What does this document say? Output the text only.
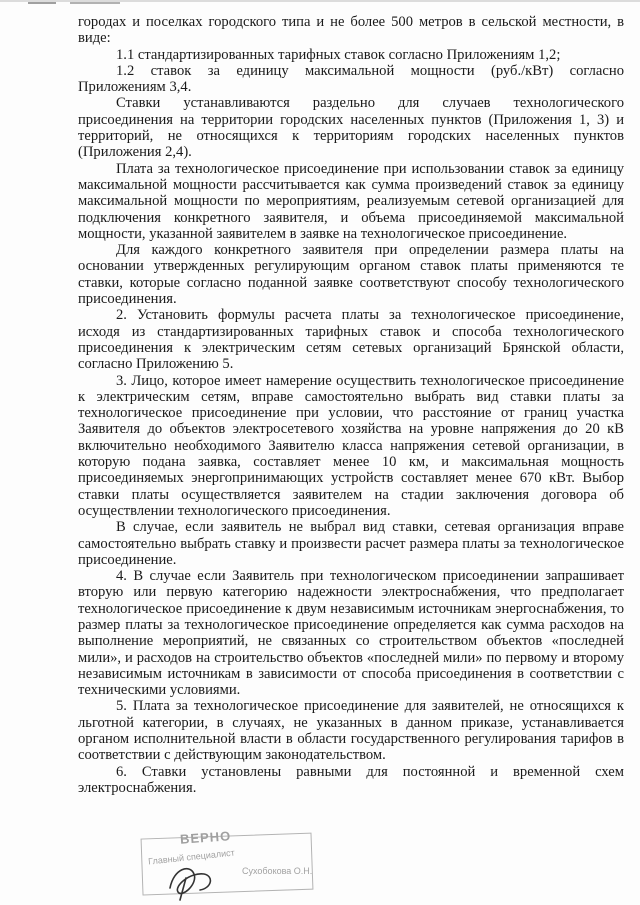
городах и поселках городского типа и не более 500 метров в сельской местности, в виде:

1.1 стандартизированных тарифных ставок согласно Приложениям 1,2;

1.2 ставок за единицу максимальной мощности (руб./кВт) согласно Приложениям 3,4.

Ставки устанавливаются раздельно для случаев технологического присоединения на территории городских населенных пунктов (Приложения 1, 3) и территорий, не относящихся к территориям городских населенных пунктов (Приложения 2,4).

Плата за технологическое присоединение при использовании ставок за единицу максимальной мощности рассчитывается как сумма произведений ставок за единицу максимальной мощности по мероприятиям, реализуемым сетевой организацией для подключения конкретного заявителя, и объема присоединяемой максимальной мощности, указанной заявителем в заявке на технологическое присоединение.

Для каждого конкретного заявителя при определении размера платы на основании утвержденных регулирующим органом ставок платы применяются те ставки, которые согласно поданной заявке соответствуют способу технологического присоединения.

2. Установить формулы расчета платы за технологическое присоединение, исходя из стандартизированных тарифных ставок и способа технологического присоединения к электрическим сетям сетевых организаций Брянской области, согласно Приложению 5.

3. Лицо, которое имеет намерение осуществить технологическое присоединение к электрическим сетям, вправе самостоятельно выбрать вид ставки платы за технологическое присоединение при условии, что расстояние от границ участка Заявителя до объектов электросетевого хозяйства на уровне напряжения до 20 кВ включительно необходимого Заявителю класса напряжения сетевой организации, в которую подана заявка, составляет менее 10 км, и максимальная мощность присоединяемых энергопринимающих устройств составляет менее 670 кВт. Выбор ставки платы осуществляется заявителем на стадии заключения договора об осуществлении технологического присоединения.

В случае, если заявитель не выбрал вид ставки, сетевая организация вправе самостоятельно выбрать ставку и произвести расчет размера платы за технологическое присоединение.

4. В случае если Заявитель при технологическом присоединении запрашивает вторую или первую категорию надежности электроснабжения, что предполагает технологическое присоединение к двум независимым источникам энергоснабжения, то размер платы за технологическое присоединение определяется как сумма расходов на выполнение мероприятий, не связанных со строительством объектов «последней мили», и расходов на строительство объектов «последней мили» по первому и второму независимым источникам в зависимости от способа присоединения в соответствии с техническими условиями.

5. Плата за технологическое присоединение для заявителей, не относящихся к льготной категории, в случаях, не указанных в данном приказе, устанавливается органом исполнительной власти в области государственного регулирования тарифов в соответствии с действующим законодательством.

6. Ставки установлены равными для постоянной и временной схем электроснабжения.

ВЕРНО
Главный специалист
Сухобокова О.Н.
